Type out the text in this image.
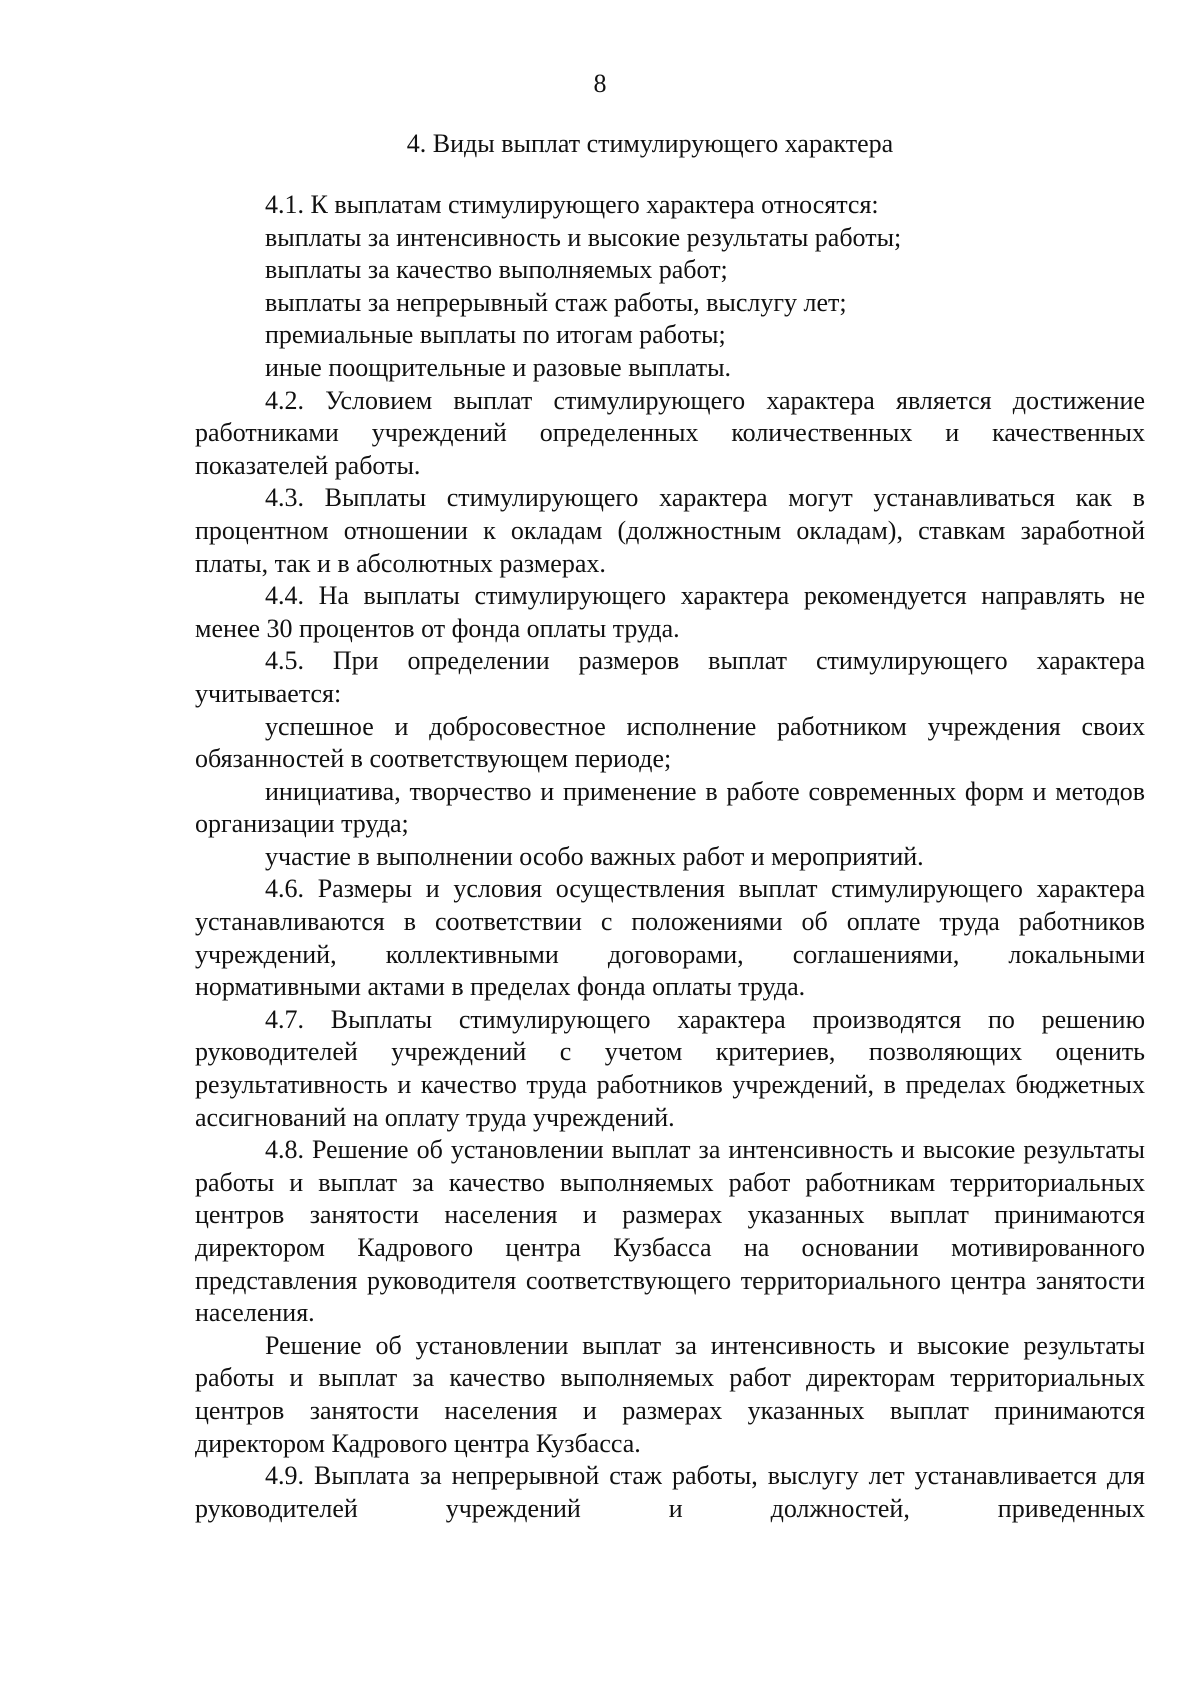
8
4. Виды выплат стимулирующего характера

4.1. К выплатам стимулирующего характера относятся:

выплаты за интенсивность и высокие результаты работы;

выплаты за качество выполняемых работ;

выплаты за непрерывный стаж работы, выслугу лет;

премиальные выплаты по итогам работы;

иные поощрительные и разовые выплаты.

4.2. Условием выплат стимулирующего характера является достижение работниками учреждений определенных количественных и качественных показателей работы.

4.3. Выплаты стимулирующего характера могут устанавливаться как в процентном отношении к окладам (должностным окладам), ставкам заработной платы, так и в абсолютных размерах.

4.4. На выплаты стимулирующего характера рекомендуется направлять не менее 30 процентов от фонда оплаты труда.

4.5. При определении размеров выплат стимулирующего характера учитывается:

успешное и добросовестное исполнение работником учреждения своих обязанностей в соответствующем периоде;

инициатива, творчество и применение в работе современных форм и методов организации труда;

участие в выполнении особо важных работ и мероприятий.

4.6. Размеры и условия осуществления выплат стимулирующего характера устанавливаются в соответствии с положениями об оплате труда работников учреждений, коллективными договорами, соглашениями, локальными нормативными актами в пределах фонда оплаты труда.

4.7. Выплаты стимулирующего характера производятся по решению руководителей учреждений с учетом критериев, позволяющих оценить результативность и качество труда работников учреждений, в пределах бюджетных ассигнований на оплату труда учреждений.

4.8. Решение об установлении выплат за интенсивность и высокие результаты работы и выплат за качество выполняемых работ работникам территориальных центров занятости населения и размерах указанных выплат принимаются директором Кадрового центра Кузбасса на основании мотивированного представления руководителя соответствующего территориального центра занятости населения.

Решение об установлении выплат за интенсивность и высокие результаты работы и выплат за качество выполняемых работ директорам территориальных центров занятости населения и размерах указанных выплат принимаются директором Кадрового центра Кузбасса.

4.9. Выплата за непрерывной стаж работы, выслугу лет устанавливается для руководителей учреждений и должностей, приведенных
